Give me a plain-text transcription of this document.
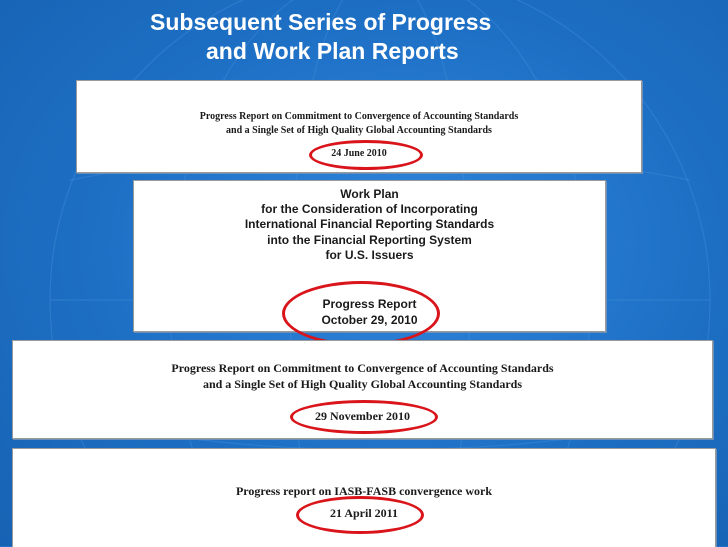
Subsequent Series of Progress
and Work Plan Reports
Progress Report on Commitment to Convergence of Accounting Standards
and a Single Set of High Quality Global Accounting Standards
24 June 2010
Work Plan
for the Consideration of Incorporating
International Financial Reporting Standards
into the Financial Reporting System
for U.S. Issuers
Progress Report
October 29, 2010
Progress Report on Commitment to Convergence of Accounting Standards
and a Single Set of High Quality Global Accounting Standards
29 November 2010
Progress report on IASB-FASB convergence work
21 April 2011
